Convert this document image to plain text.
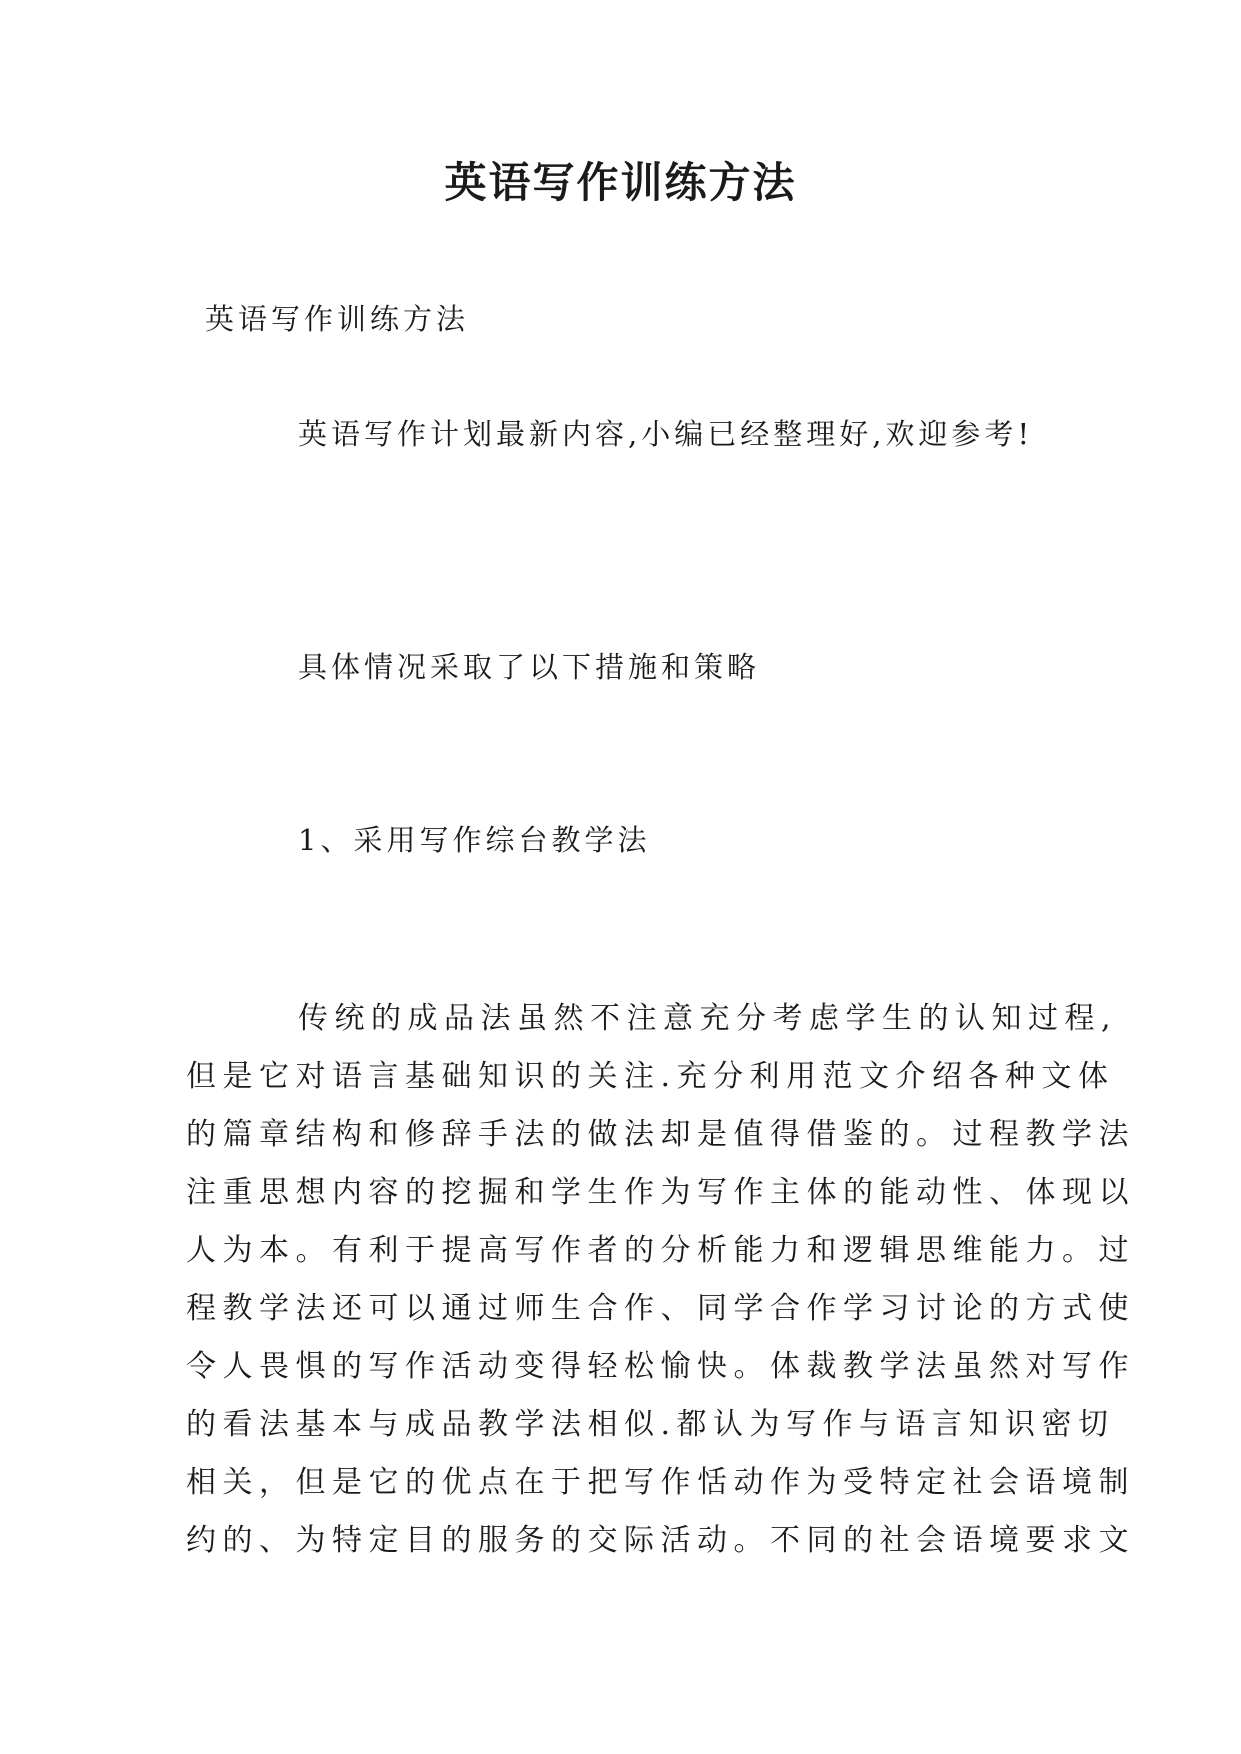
英语写作训练方法
英语写作训练方法
英语写作计划最新内容,小编已经整理好,欢迎参考!
具体情况采取了以下措施和策略
1、采用写作综台教学法
传统的成品法虽然不注意充分考虑学生的认知过程,
但是它对语言基础知识的关注.充分利用范文介绍各种文体
的篇章结构和修辞手法的做法却是值得借鉴的。过程教学法
注重思想内容的挖掘和学生作为写作主体的能动性、体现以
人为本。有利于提高写作者的分析能力和逻辑思维能力。过
程教学法还可以通过师生合作、同学合作学习讨论的方式使
令人畏惧的写作活动变得轻松愉快。体裁教学法虽然对写作
的看法基本与成品教学法相似.都认为写作与语言知识密切
相关，但是它的优点在于把写作恬动作为受特定社会语境制
约的、为特定目的服务的交际活动。不同的社会语境要求文
